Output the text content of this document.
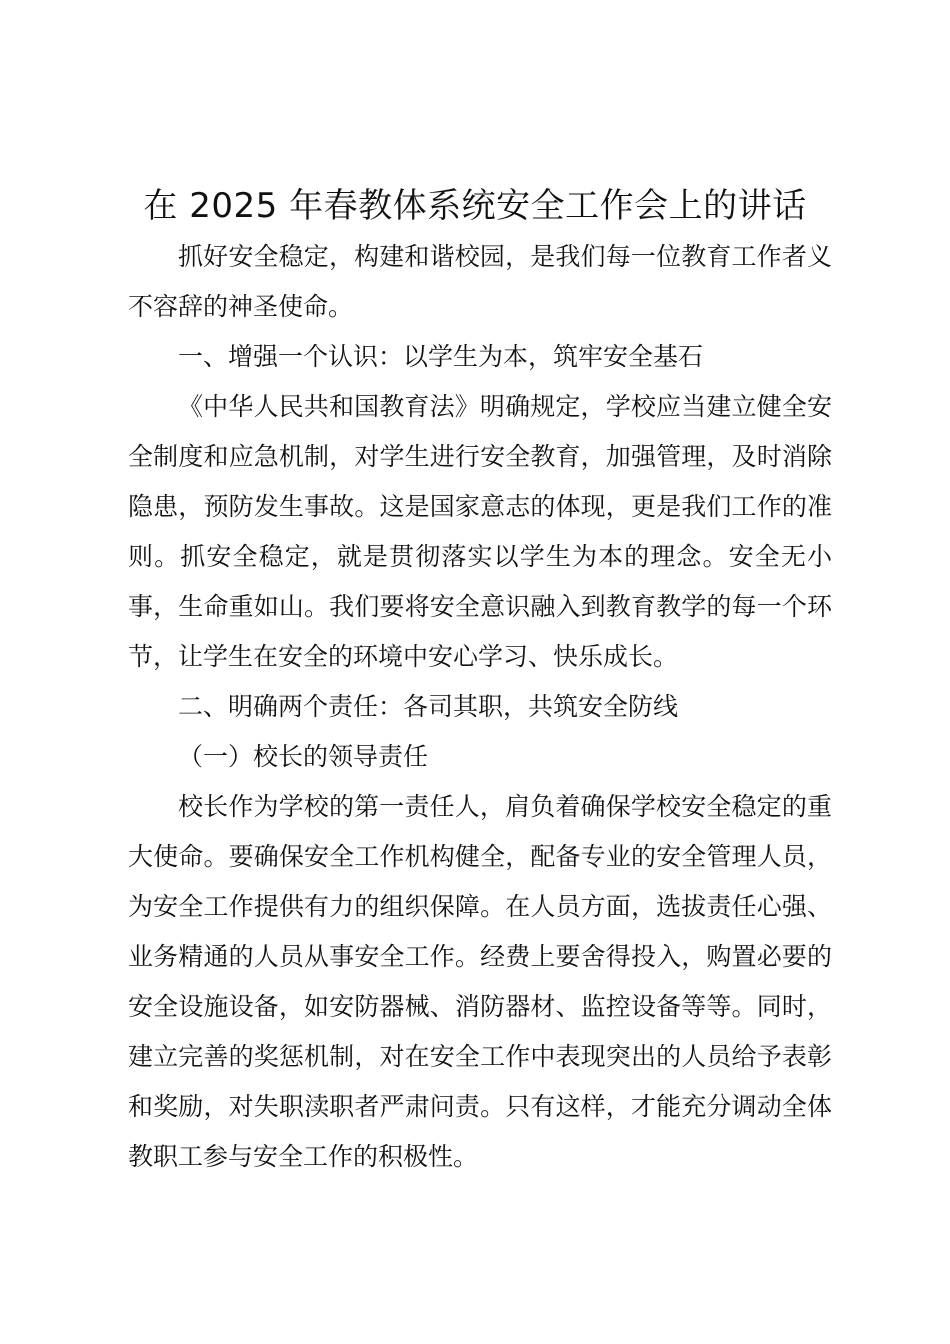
在 2025 年春教体系统安全工作会上的讲话

抓好安全稳定，构建和谐校园，是我们每一位教育工作者义不容辞的神圣使命。

一、增强一个认识：以学生为本，筑牢安全基石

《中华人民共和国教育法》明确规定，学校应当建立健全安全制度和应急机制，对学生进行安全教育，加强管理，及时消除隐患，预防发生事故。这是国家意志的体现，更是我们工作的准则。抓安全稳定，就是贯彻落实以学生为本的理念。安全无小事，生命重如山。我们要将安全意识融入到教育教学的每一个环节，让学生在安全的环境中安心学习、快乐成长。

二、明确两个责任：各司其职，共筑安全防线

（一）校长的领导责任

校长作为学校的第一责任人，肩负着确保学校安全稳定的重大使命。要确保安全工作机构健全，配备专业的安全管理人员，为安全工作提供有力的组织保障。在人员方面，选拔责任心强、业务精通的人员从事安全工作。经费上要舍得投入，购置必要的安全设施设备，如安防器械、消防器材、监控设备等等。同时，建立完善的奖惩机制，对在安全工作中表现突出的人员给予表彰和奖励，对失职渎职者严肃问责。只有这样，才能充分调动全体教职工参与安全工作的积极性。
